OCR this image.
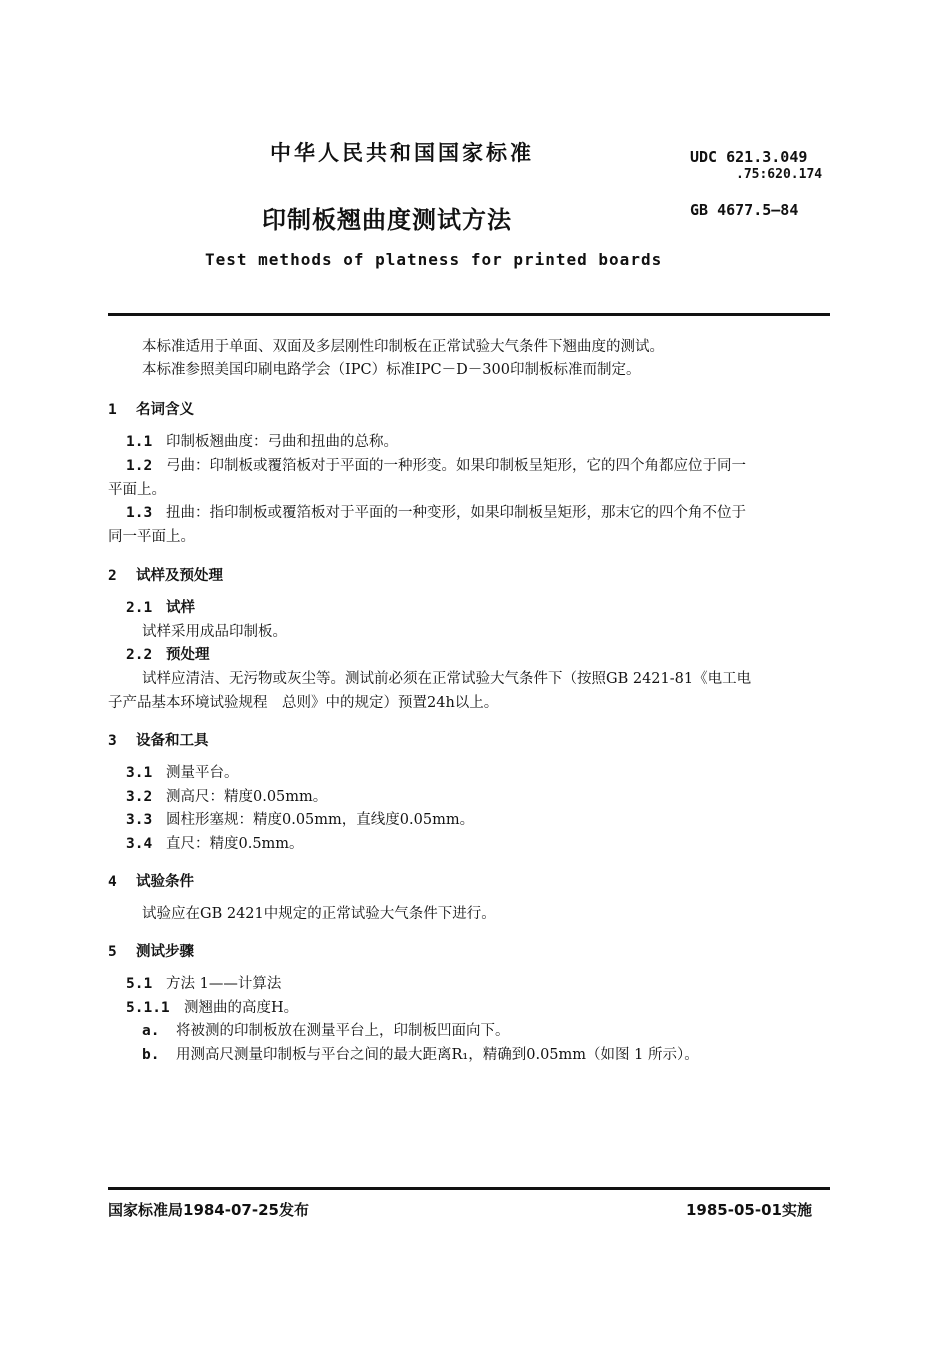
中华人民共和国国家标准	UDC 621.3.049
.75:620.174
印制板翘曲度测试方法	GB 4677.5—84
Test methods of platness for printed boards
本标准适用于单面、双面及多层刚性印制板在正常试验大气条件下翘曲度的测试。
本标准参照美国印刷电路学会（IPC）标准IPC－D－300印制板标准而制定。
1 名词含义
1.1 印制板翘曲度：弓曲和扭曲的总称。
1.2 弓曲：印制板或覆箔板对于平面的一种形变。如果印制板呈矩形，它的四个角都应位于同一
平面上。
1.3 扭曲：指印制板或覆箔板对于平面的一种变形，如果印制板呈矩形，那末它的四个角不位于
同一平面上。
2 试样及预处理
2.1 试样
试样采用成品印制板。
2.2 预处理
试样应清洁、无污物或灰尘等。测试前必须在正常试验大气条件下（按照GB 2421-81《电工电
子产品基本环境试验规程　总则》中的规定）预置24h以上。
3 设备和工具
3.1 测量平台。
3.2 测高尺：精度0.05mm。
3.3 圆柱形塞规：精度0.05mm，直线度0.05mm。
3.4 直尺：精度0.5mm。
4 试验条件
试验应在GB 2421中规定的正常试验大气条件下进行。
5 测试步骤
5.1 方法 1——计算法
5.1.1 测翘曲的高度H。
a. 将被测的印制板放在测量平台上，印制板凹面向下。
b. 用测高尺测量印制板与平台之间的最大距离R₁，精确到0.05mm（如图 1 所示）。
国家标准局1984-07-25发布	1985-05-01实施
